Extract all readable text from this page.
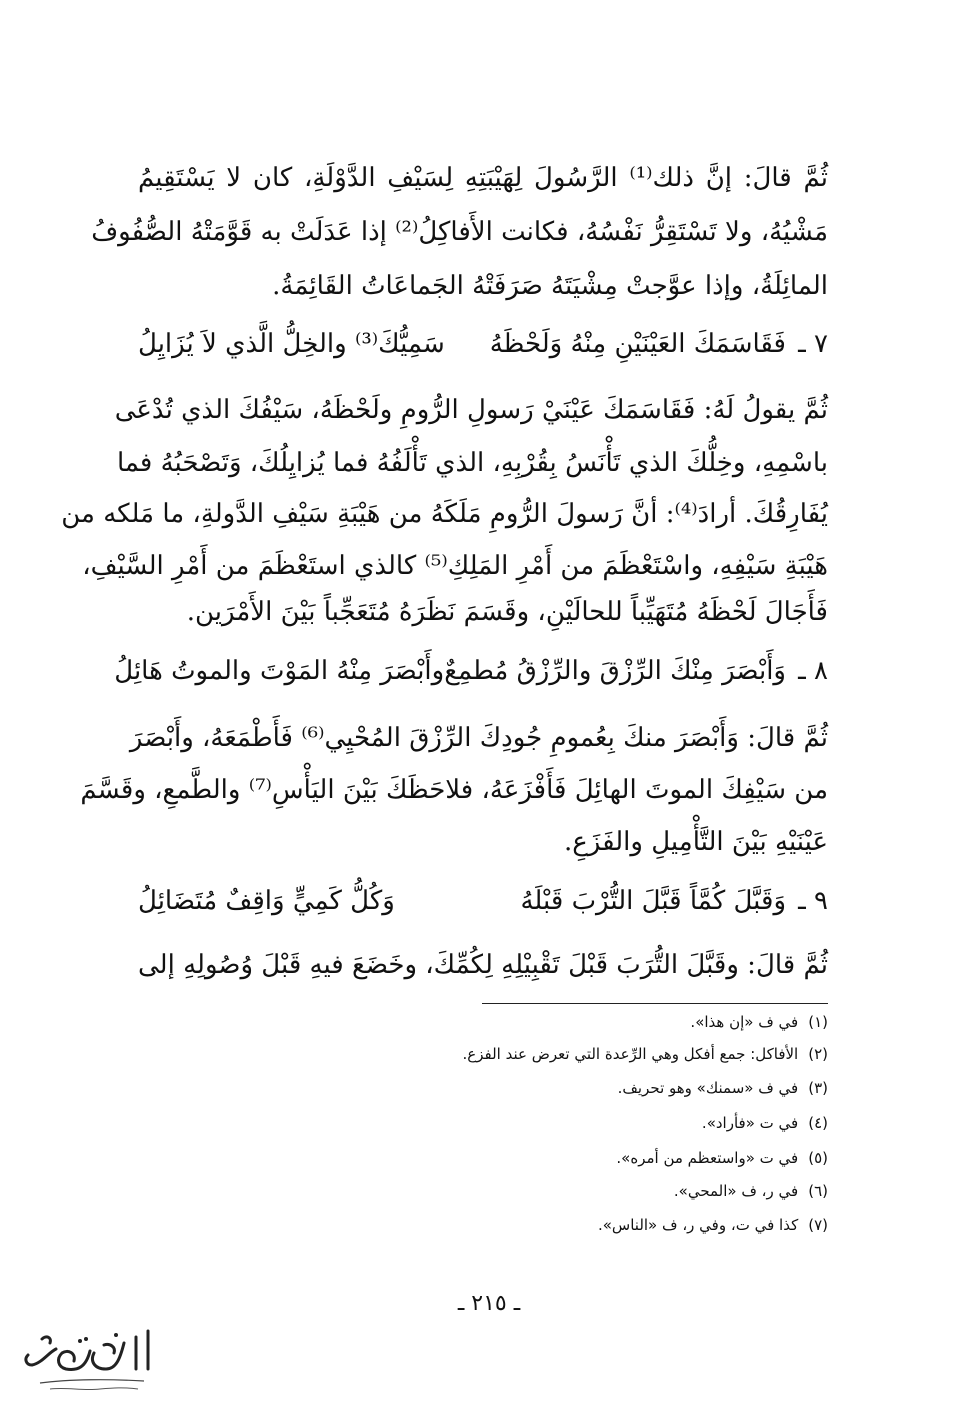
ثُمَّ قالَ: إنَّ ذلك⁽¹⁾ الرَّسُولَ لِهَيْبَتِهِ لِسَيْفِ الدَّوْلَةِ، كان لا يَسْتَقِيمُ
مَشْيُهُ، ولا تَسْتَقِرُّ نَفْسُهُ، فكانت الأَفاكِلُ⁽²⁾ إذا عَدَلَتْ به قَوَّمَتْهُ الصُّفُوفُ
المائِلَةُ، وإذا عوَّجتْ مِشْيَتَهُ صَرَفَتْهُ الجَماعَاتُ القَائِمَةُ.
٧ ـ
فَقَاسَمَكَ العَيْنَيْنِ مِنْهُ وَلَحْظَهُ
سَمِيُّكَ⁽³⁾ والخِلُّ الَّذي لاَ يُزَايِلُ
ثُمَّ يقولُ لَهُ: فَقَاسَمَكَ عَيْنَيْ رَسولِ الرُّومِ ولَحْظَهُ، سَيْفُكَ الذي تُدْعَى
باسْمِهِ، وخِلُّكَ الذي تَأْنَسُ بِقُرْبِهِ، الذي تَأْلَفُهُ فما يُزايِلُكَ، وَتَصْحَبُهُ فما
يُفَارِقُكَ. أرادَ⁽⁴⁾: أنَّ رَسولَ الرُّومِ مَلَكَهُ من هَيْبَةِ سَيْفِ الدَّولةِ، ما مَلكه من
هَيْبَةِ سَيْفِهِ، واسْتَعْظَمَ من أَمْرِ المَلِكِ⁽⁵⁾ كالذي استَعْظَمَ من أَمْرِ السَّيْفِ،
فَأَجَالَ لَحْظَهُ مُتَهَيِّباً للحالَيْنِ، وقَسَمَ نَظَرَهُ مُتَعَجِّباً بَيْنَ الأَمْرَين.
٨ ـ
وَأَبْصَرَ مِنْكَ الرِّزْقَ والرِّزْقُ مُطمِعٌ
وأَبْصَرَ مِنْهُ المَوْتَ والموتُ هَائِلُ
ثُمَّ قالَ: وَأَبْصَرَ منكَ بِعُمومِ جُودِكَ الرِّزْقَ المُحْيِي⁽⁶⁾ فَأَطْمَعَهُ، وأَبْصَرَ
من سَيْفِكَ الموتَ الهائِلَ فَأَفْزَعَهُ، فلاحَظَكَ بَيْنَ اليَأْسِ⁽⁷⁾ والطَّمعِ، وقَسَّمَ
عَيْنَيْهِ بَيْنَ التَّأْمِيلِ والفَزَعِ.
٩ ـ
وَقَبَّلَ كُمَّاً قَبَّلَ التُّرْبَ قَبْلَهُ
وَكُلُّ كَمِيٍّ وَاقِفٌ مُتَضَائِلُ
ثُمَّ قالَ: وقَبَّلَ التُّرَبَ قَبْلَ تَقْبِيْلِهِ لِكُمِّكَ، وخَضَعَ فيهِ قَبْلَ وُصُولِهِ إلى
(١)في ف «إن هذا».
(٢)الأفاكل: جمع أفكل وهي الرِّعدة التي تعرض عند الفزع.
(٣)في ف «سمنك» وهو تحريف.
(٤)في ت «فأراد».
(٥)في ت «واستعظم من أمره».
(٦)في ر، ف «المحي».
(٧)كذا في ت، وفي ر، ف «الناس».
ـ ٢١٥ ـ
